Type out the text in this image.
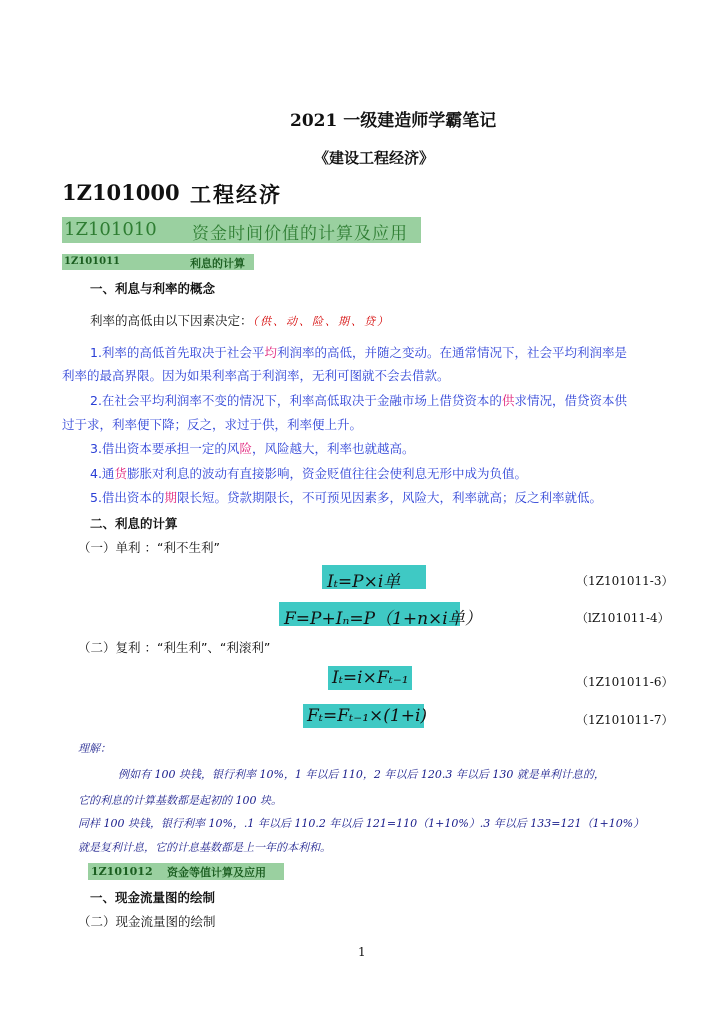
2021 一级建造师学霸笔记
《建设工程经济》
1Z101000 工程经济
1Z101010 资金时间价值的计算及应用
1Z101011	利息的计算
一、利息与利率的概念
利率的高低由以下因素决定：（供、动、险、期、贷）
1.利率的高低首先取决于社会平均利润率的高低，并随之变动。在通常情况下，社会平均利润率是
利率的最高界限。因为如果利率高于利润率，无利可图就不会去借款。
2.在社会平均利润率不变的情况下，利率高低取决于金融市场上借贷资本的供求情况，借贷资本供
过于求，利率便下降；反之，求过于供，利率便上升。
3.借出资本要承担一定的风险，风险越大，利率也就越高。
4.通货膨胀对利息的波动有直接影响，资金贬值往往会使利息无形中成为负值。
5.借出资本的期限长短。贷款期限长，不可预见因素多，风险大，利率就高；反之利率就低。
二、利息的计算
（一）单利 ：“利不生利”
Iₜ=P×i单	（1Z101011-3）
F=P+Iₙ=P（1+n×i单）	（lZ101011-4）
（二）复利 ：“利生利”、“利滚利”
Iₜ=i×Fₜ₋₁	（1Z101011-6）
Fₜ=Fₜ₋₁×(1+i)	（1Z101011-7）
理解：
例如有 100 块钱，银行利率 10%，1 年以后 110，2 年以后 120.3 年以后 130 就是单利计息的，
它的利息的计算基数都是起初的 100 块。
同样 100 块钱，银行利率 10%，.1 年以后 110.2 年以后 121=110（1+10%）.3 年以后 133=121（1+10%）
就是复利计息，它的计息基数都是上一年的本利和。
1Z101012 资金等值计算及应用
一、现金流量图的绘制
（二）现金流量图的绘制
1
